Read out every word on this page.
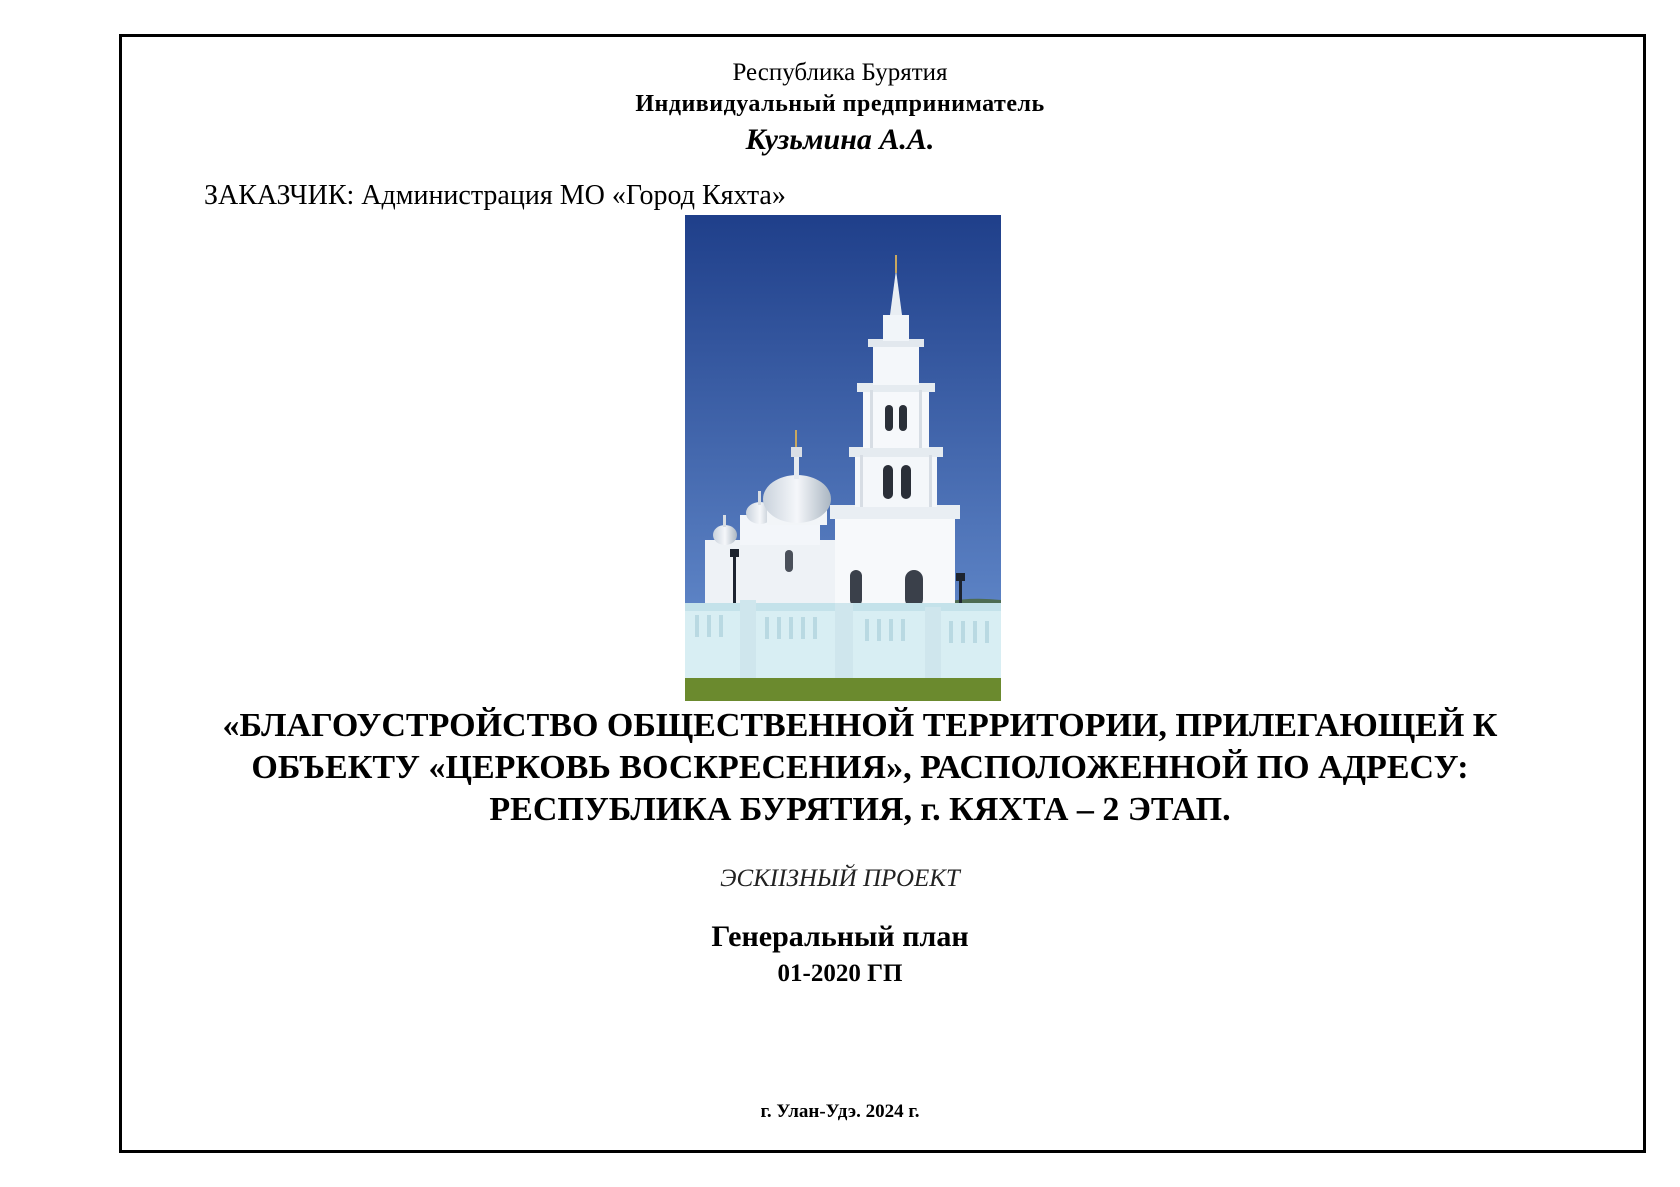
Республика Бурятия
Индивидуальный предприниматель
Кузьмина А.А.
ЗАКАЗЧИК: Администрация МО «Город Кяхта»
«БЛАГОУСТРОЙСТВО ОБЩЕСТВЕННОЙ ТЕРРИТОРИИ, ПРИЛЕГАЮЩЕЙ К
ОБЪЕКТУ «ЦЕРКОВЬ ВОСКРЕСЕНИЯ», РАСПОЛОЖЕННОЙ ПО АДРЕСУ:
РЕСПУБЛИКА БУРЯТИЯ, г. КЯХТА – 2 ЭТАП.
ЭСКIIЗНЫЙ ПРОЕКТ
Генеральный план
01-2020 ГП
г. Улан-Удэ. 2024 г.
